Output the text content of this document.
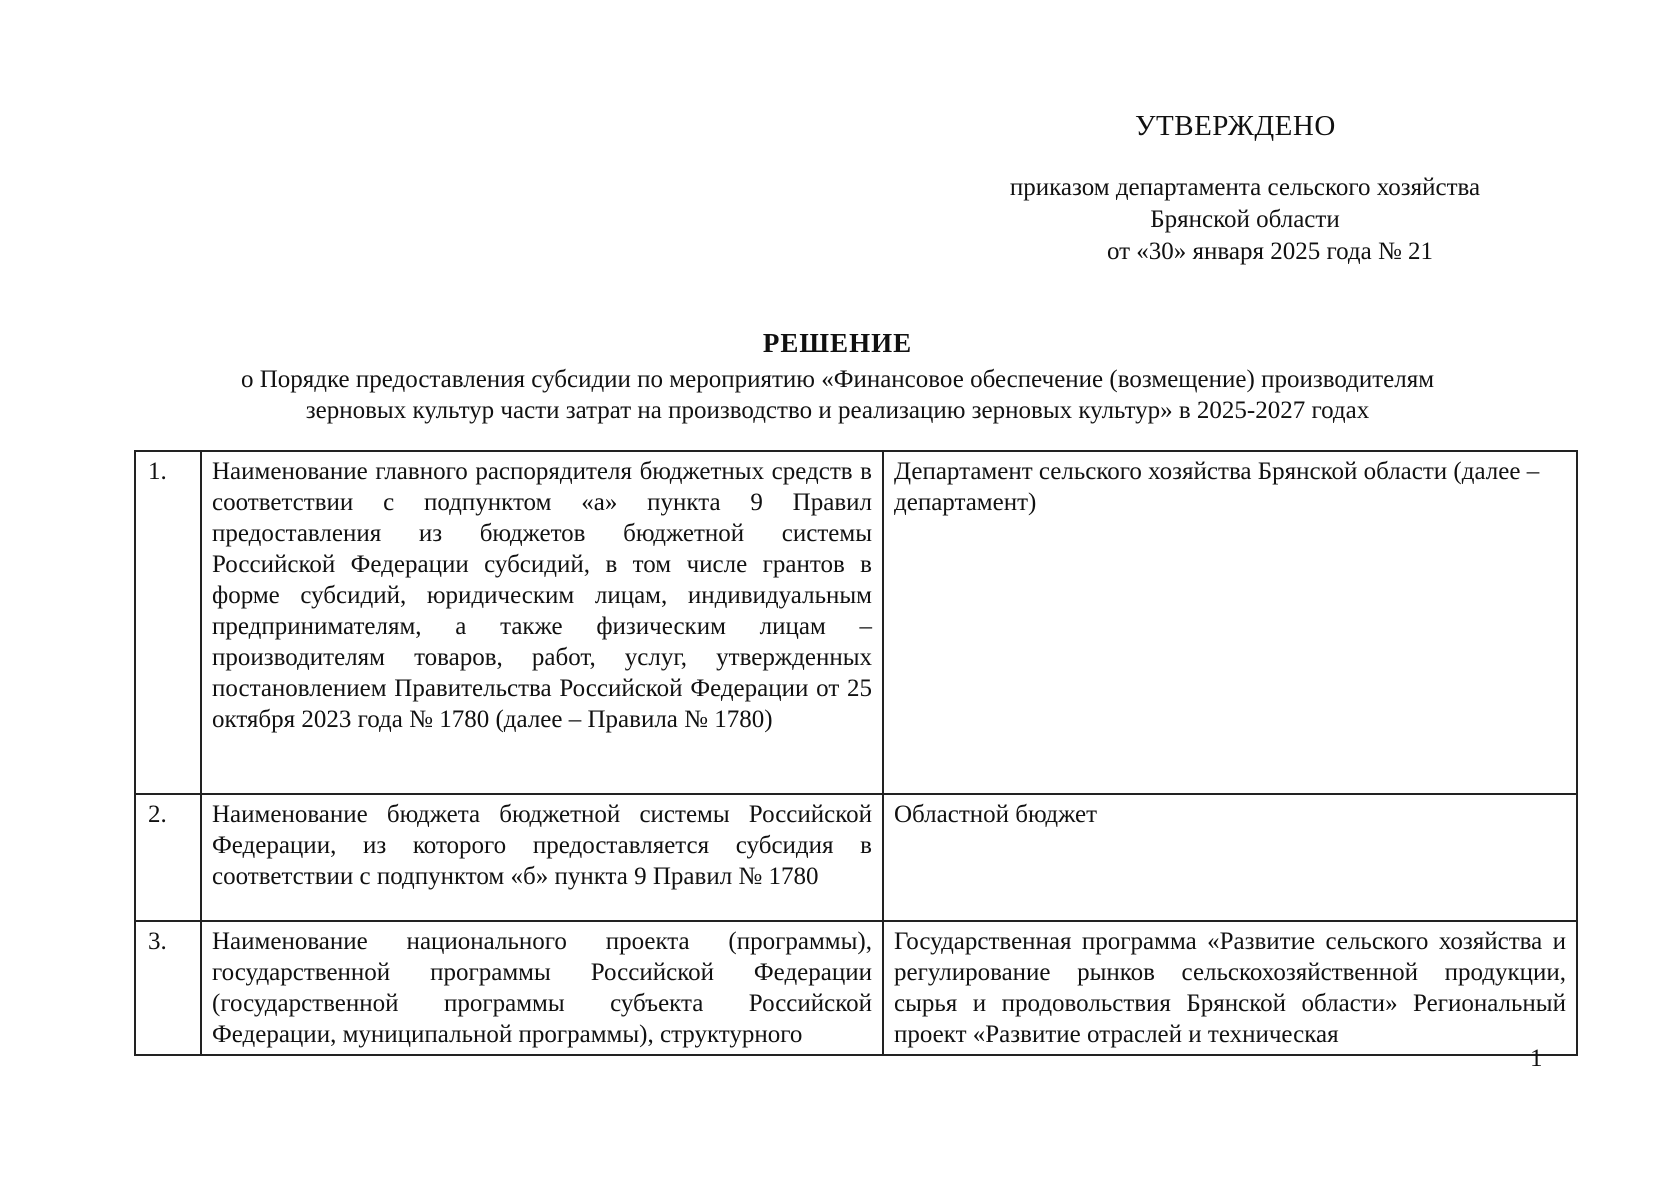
УТВЕРЖДЕНО
приказом департамента сельского хозяйства
Брянской области
от «30» января 2025 года № 21
РЕШЕНИЕ
о Порядке предоставления субсидии по мероприятию «Финансовое обеспечение (возмещение) производителям
зерновых культур части затрат на производство и реализацию зерновых культур» в 2025-2027 годах
1.	Наименование главного распорядителя бюджетных средств в соответствии с подпунктом «а» пункта 9 Правил предоставления из бюджетов бюджетной системы Российской Федерации субсидий, в том числе грантов в форме субсидий, юридическим лицам, индивидуальным предпринимателям, а также физическим лицам – производителям товаров, работ, услуг, утвержденных постановлением Правительства Российской Федерации от 25 октября 2023 года № 1780 (далее – Правила № 1780)	Департамент сельского хозяйства Брянской области (далее – департамент)
2.	Наименование бюджета бюджетной системы Российской Федерации, из которого предоставляется субсидия в соответствии с подпунктом «б» пункта 9 Правил № 1780	Областной бюджет
3.	Наименование национального проекта (программы), государственной программы Российской Федерации (государственной программы субъекта Российской Федерации, муниципальной программы), структурного	Государственная программа «Развитие сельского хозяйства и регулирование рынков сельскохозяйственной продукции, сырья и продовольствия Брянской области» Региональный проект «Развитие отраслей и техническая
1
